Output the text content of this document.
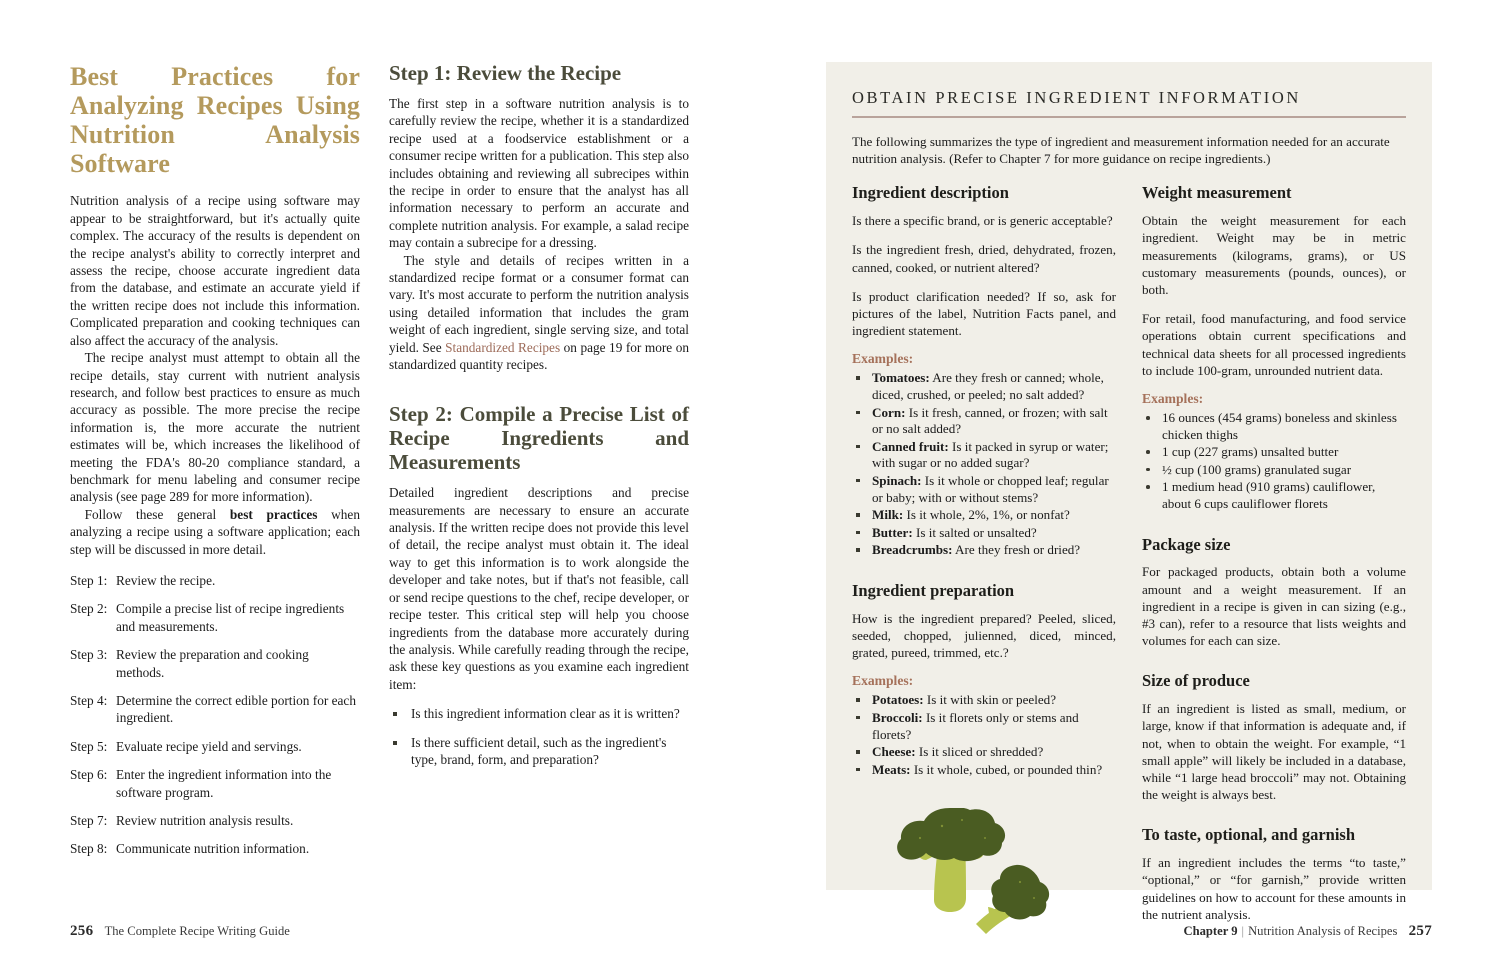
Best Practices for Analyzing Recipes Using Nutrition Analysis Software

Nutrition analysis of a recipe using software may appear to be straightforward, but it's actually quite complex. The accuracy of the results is dependent on the recipe analyst's ability to correctly interpret and assess the recipe, choose accurate ingredient data from the database, and estimate an accurate yield if the written recipe does not include this information. Complicated preparation and cooking techniques can also affect the accuracy of the analysis.

The recipe analyst must attempt to obtain all the recipe details, stay current with nutrient analysis research, and follow best practices to ensure as much accuracy as possible. The more precise the recipe information is, the more accurate the nutrient estimates will be, which increases the likelihood of meeting the FDA's 80-20 compliance standard, a benchmark for menu labeling and consumer recipe analysis (see page 289 for more information).

Follow these general best practices when analyzing a recipe using a software application; each step will be discussed in more detail.

Step 1: Review the recipe.
Step 2: Compile a precise list of recipe ingredients and measurements.
Step 3: Review the preparation and cooking methods.
Step 4: Determine the correct edible portion for each ingredient.
Step 5: Evaluate recipe yield and servings.
Step 6: Enter the ingredient information into the software program.
Step 7: Review nutrition analysis results.
Step 8: Communicate nutrition information.
Step 1: Review the Recipe

The first step in a software nutrition analysis is to carefully review the recipe, whether it is a standardized recipe used at a foodservice establishment or a consumer recipe written for a publication. This step also includes obtaining and reviewing all subrecipes within the recipe in order to ensure that the analyst has all information necessary to perform an accurate and complete nutrition analysis. For example, a salad recipe may contain a subrecipe for a dressing.

The style and details of recipes written in a standardized recipe format or a consumer format can vary. It's most accurate to perform the nutrition analysis using detailed information that includes the gram weight of each ingredient, single serving size, and total yield. See Standardized Recipes on page 19 for more on standardized quantity recipes.

Step 2: Compile a Precise List of Recipe Ingredients and Measurements

Detailed ingredient descriptions and precise measurements are necessary to ensure an accurate analysis. If the written recipe does not provide this level of detail, the recipe analyst must obtain it. The ideal way to get this information is to work alongside the developer and take notes, but if that's not feasible, call or send recipe questions to the chef, recipe developer, or recipe tester. This critical step will help you choose ingredients from the database more accurately during the analysis. While carefully reading through the recipe, ask these key questions as you examine each ingredient item:

Is this ingredient information clear as it is written?
Is there sufficient detail, such as the ingredient's type, brand, form, and preparation?
OBTAIN PRECISE INGREDIENT INFORMATION

The following summarizes the type of ingredient and measurement information needed for an accurate nutrition analysis. (Refer to Chapter 7 for more guidance on recipe ingredients.)

Ingredient description

Is there a specific brand, or is generic acceptable?

Is the ingredient fresh, dried, dehydrated, frozen, canned, cooked, or nutrient altered?

Is product clarification needed? If so, ask for pictures of the label, Nutrition Facts panel, and ingredient statement.

Examples:
Tomatoes: Are they fresh or canned; whole, diced, crushed, or peeled; no salt added?
Corn: Is it fresh, canned, or frozen; with salt or no salt added?
Canned fruit: Is it packed in syrup or water; with sugar or no added sugar?
Spinach: Is it whole or chopped leaf; regular or baby; with or without stems?
Milk: Is it whole, 2%, 1%, or nonfat?
Butter: Is it salted or unsalted?
Breadcrumbs: Are they fresh or dried?
Ingredient preparation

How is the ingredient prepared? Peeled, sliced, seeded, chopped, julienned, diced, minced, grated, pureed, trimmed, etc.?

Examples:
Potatoes: Is it with skin or peeled?
Broccoli: Is it florets only or stems and florets?
Cheese: Is it sliced or shredded?
Meats: Is it whole, cubed, or pounded thin?
Weight measurement

Obtain the weight measurement for each ingredient. Weight may be in metric measurements (kilograms, grams), or US customary measurements (pounds, ounces), or both.

For retail, food manufacturing, and food service operations obtain current specifications and technical data sheets for all processed ingredients to include 100-gram, unrounded nutrient data.

Examples:
16 ounces (454 grams) boneless and skinless chicken thighs
1 cup (227 grams) unsalted butter
½ cup (100 grams) granulated sugar
1 medium head (910 grams) cauliflower, about 6 cups cauliflower florets
Package size

For packaged products, obtain both a volume amount and a weight measurement. If an ingredient in a recipe is given in can sizing (e.g., #3 can), refer to a resource that lists weights and volumes for each can size.

Size of produce

If an ingredient is listed as small, medium, or large, know if that information is adequate and, if not, when to obtain the weight. For example, “1 small apple” will likely be included in a database, while “1 large head broccoli” may not. Obtaining the weight is always best.

To taste, optional, and garnish

If an ingredient includes the terms “to taste,” “optional,” or “for garnish,” provide written guidelines on how to account for these amounts in the nutrient analysis.

256 The Complete Recipe Writing Guide	Chapter 9 | Nutrition Analysis of Recipes 257
